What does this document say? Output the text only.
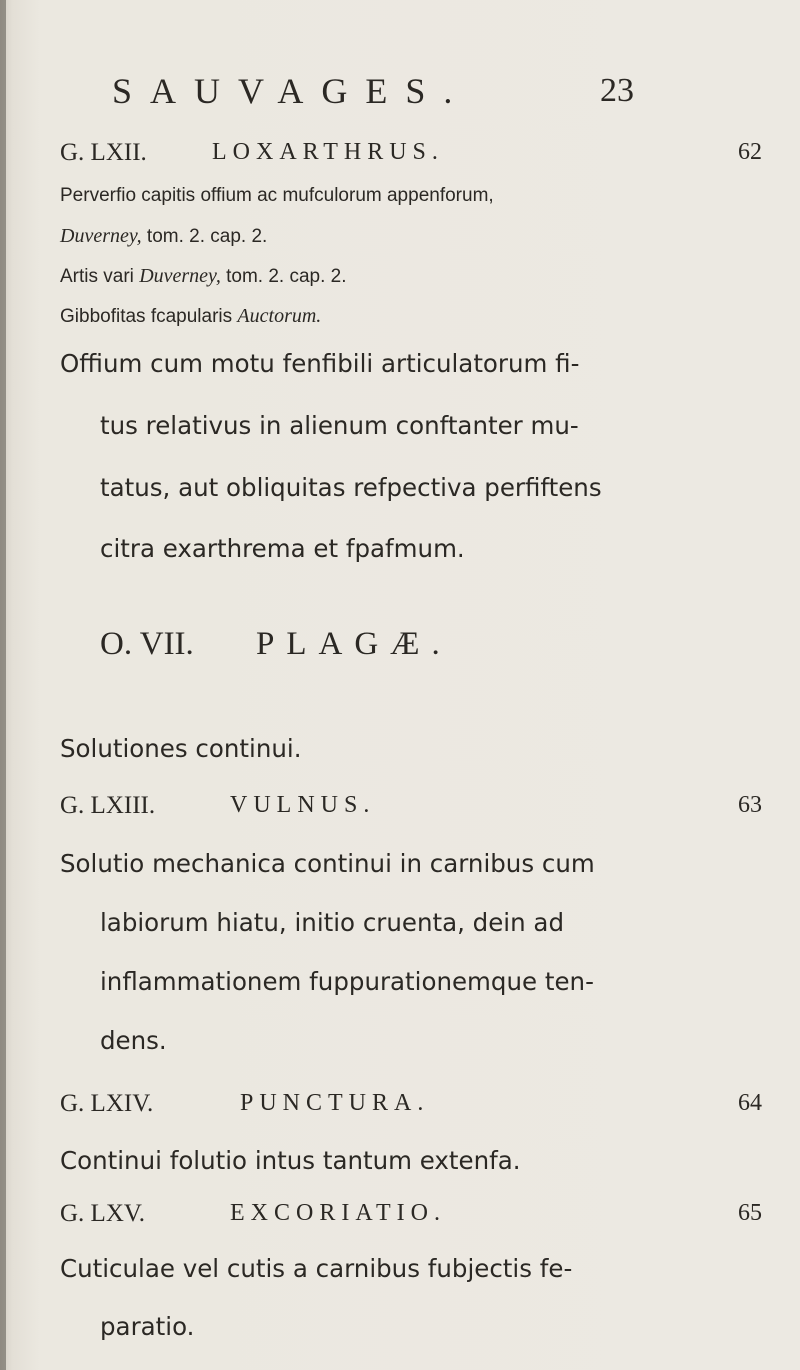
SAUVAGES.	23
G. LXII.	LOXARTHRUS.	62
Perverfio capitis offium ac mufculorum appenforum,
Duverney, tom. 2. cap. 2.
Artis vari Duverney, tom. 2. cap. 2.
Gibbofitas fcapularis Auctorum.
Offium cum motu fenfibili articulatorum fi-
tus relativus in alienum conftanter mu-
tatus, aut obliquitas refpectiva perfiftens
citra exarthrema et fpafmum.
O. VII. PLAGÆ.
Solutiones continui.
G. LXIII.	VULNUS.	63
Solutio mechanica continui in carnibus cum
labiorum hiatu, initio cruenta, dein ad
inflammationem fuppurationemque ten-
dens.
G. LXIV.	PUNCTURA.	64
Continui folutio intus tantum extenfa.
G. LXV.	EXCORIATIO.	65
Cuticulae vel cutis a carnibus fubjectis fe-
paratio.
